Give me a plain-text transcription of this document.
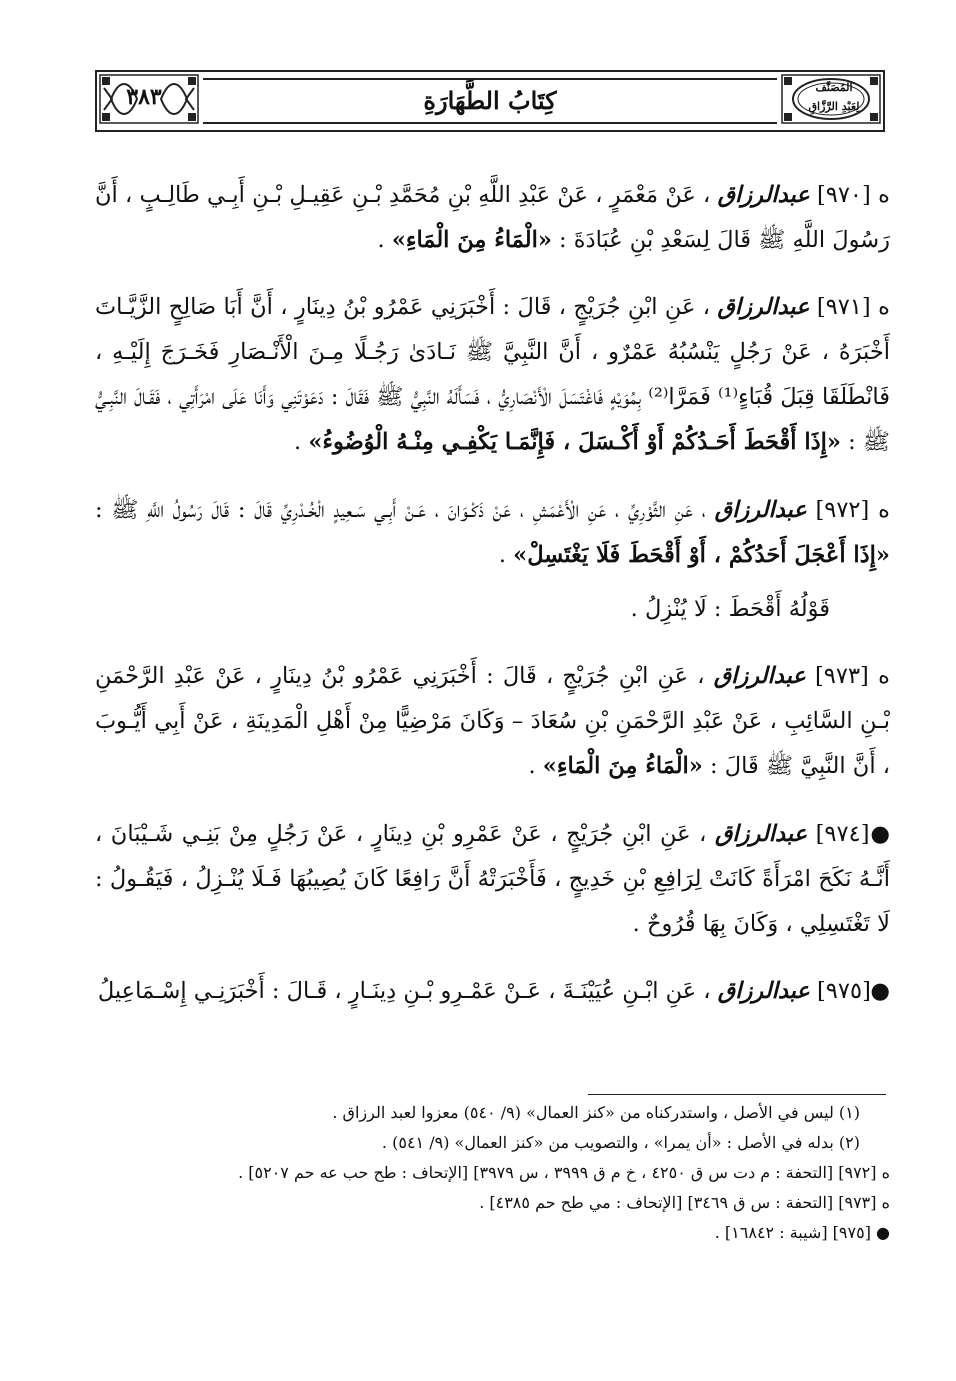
كِتَابُ الطَّهَارَةِ
٣٨٣	المُصَنَّف
لِعَبْدِ الرَّزَّاقِ

ه [٩٧٠] عبدالرزاق ، عَنْ مَعْمَرٍ ، عَنْ عَبْدِ اللَّهِ بْنِ مُحَمَّدِ بْـنِ عَقِيـلِ بْـنِ أَبِـي طَالِـبٍ ، أَنَّ رَسُولَ اللَّهِ ﷺ قَالَ لِسَعْدِ بْنِ عُبَادَةَ : «الْمَاءُ مِنَ الْمَاءِ» .

ه [٩٧١] عبدالرزاق ، عَنِ ابْنِ جُرَيْجٍ ، قَالَ : أَخْبَرَنِي عَمْرُو بْنُ دِينَارٍ ، أَنَّ أَبَا صَالِحٍ الزَّيَّـاتَ أَخْبَرَهُ ، عَنْ رَجُلٍ يَنْسُبُهُ عَمْرٌو ، أَنَّ النَّبِيَّ ﷺ نَـادَىٰ رَجُـلًا مِـنَ الْأَنْـصَارِ فَخَـرَجَ إِلَيْـهِ ، فَانْطَلَقَا قِبَلَ قُبَاءٍ⁽¹⁾ فَمَرَّا⁽²⁾ بِمُوَيْهٍ فَاغْتَسَلَ الْأَنْصَارِيُّ ، فَسَأَلَهُ النَّبِيُّ ﷺ فَقَالَ : دَعَوْتَنِي وَأَنَا عَلَى امْرَأَتِي ، فَقَـالَ النَّبِـيُّ ﷺ : «إِذَا أَقْحَطَ أَحَـدُكُمْ أَوْ أَكْـسَلَ ، فَإِنَّمَـا يَكْفِـي مِنْـهُ الْوُضُوءُ» .

ه [٩٧٢] عبدالرزاق ، عَنِ الثَّوْرِيِّ ، عَنِ الْأَعْمَشِ ، عَنْ ذَكْـوَانَ ، عَـنْ أَبِـي سَـعِيدٍ الْخُـدْرِيِّ قَالَ : قَالَ رَسُولُ اللَّهِ ﷺ : «إِذَا أَعْجَلَ أَحَدُكُمْ ، أَوْ أَقْحَطَ فَلَا يَغْتَسِلْ» .

قَوْلُهُ أَقْحَطَ : لَا يُنْزِلُ .

ه [٩٧٣] عبدالرزاق ، عَنِ ابْنِ جُرَيْجٍ ، قَالَ : أَخْبَرَنِي عَمْرُو بْنُ دِينَارٍ ، عَنْ عَبْدِ الرَّحْمَنِ بْـنِ السَّائِبِ ، عَنْ عَبْدِ الرَّحْمَنِ بْنِ سُعَادَ – وَكَانَ مَرْضِيًّا مِنْ أَهْلِ الْمَدِينَةِ ، عَنْ أَبِي أَيُّـوبَ ، أَنَّ النَّبِيَّ ﷺ قَالَ : «الْمَاءُ مِنَ الْمَاءِ» .

● [٩٧٤] عبدالرزاق ، عَنِ ابْنِ جُرَيْجٍ ، عَنْ عَمْرِو بْنِ دِينَارٍ ، عَنْ رَجُلٍ مِنْ بَنِـي شَـيْبَانَ ، أَنَّـهُ نَكَحَ امْرَأَةً كَانَتْ لِرَافِعِ بْنِ خَدِيجٍ ، فَأَخْبَرَتْهُ أَنَّ رَافِعًا كَانَ يُصِيبُهَا فَـلَا يُنْـزِلُ ، فَيَقُـولُ : لَا تَغْتَسِلِي ، وَكَانَ بِهَا قُرُوحٌ .

● [٩٧٥] عبدالرزاق ، عَنِ ابْـنِ عُيَيْنَـةَ ، عَـنْ عَمْـرِو بْـنِ دِينَـارٍ ، قَـالَ : أَخْبَرَنِـي إِسْـمَاعِيلُ

(١) ليس في الأصل ، واستدركناه من «كنز العمال» (٩/ ٥٤٠) معزوا لعبد الرزاق .

(٢) بدله في الأصل : «أن يمرا» ، والتصويب من «كنز العمال» (٩/ ٥٤١) .

ه [٩٧٢] [التحفة : م دت س ق ٤٢٥٠ ، خ م ق ٣٩٩٩ ، س ٣٩٧٩] [الإتحاف : طح حب عه حم ٥٢٠٧] .

ه [٩٧٣] [التحفة : س ق ٣٤٦٩] [الإتحاف : مي طح حم ٤٣٨٥] .

● [٩٧٥] [شيبة : ١٦٨٤٢] .
